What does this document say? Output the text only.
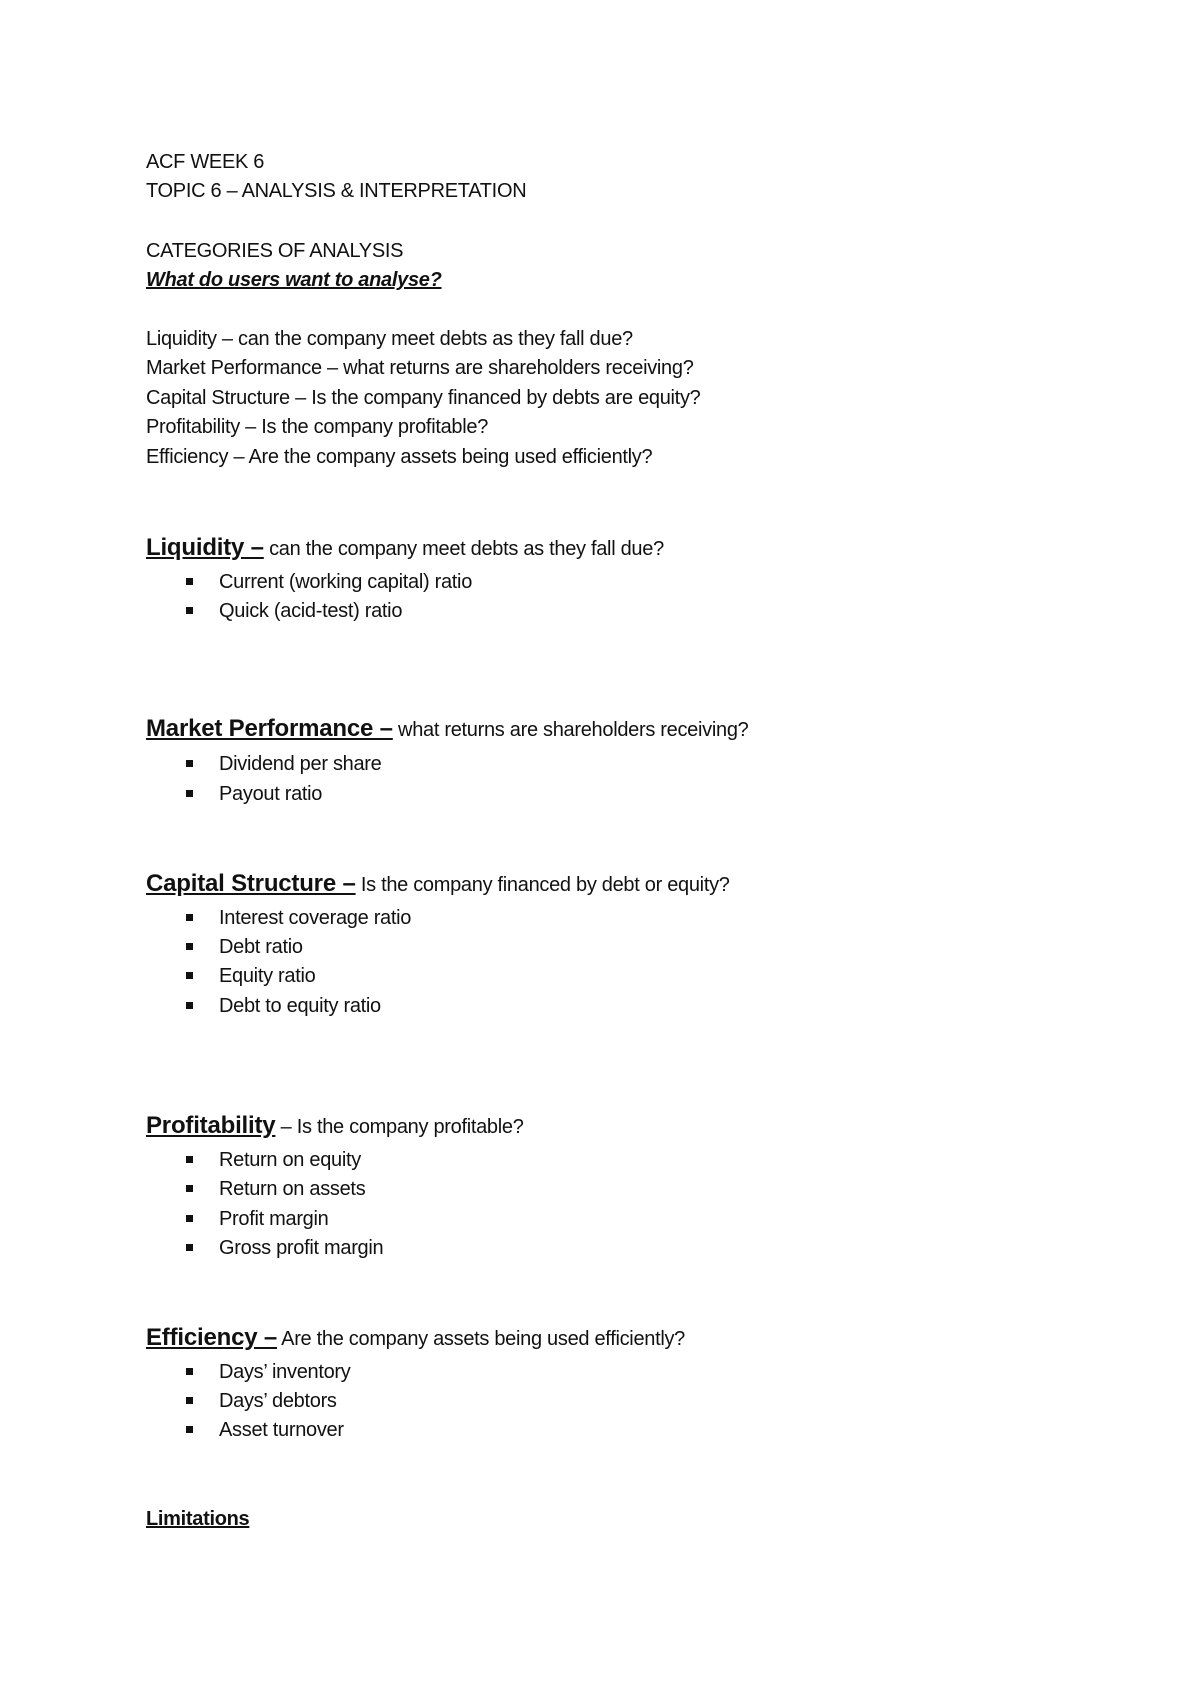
ACF WEEK 6
TOPIC 6 – ANALYSIS & INTERPRETATION
CATEGORIES OF ANALYSIS
What do users want to analyse?
Liquidity – can the company meet debts as they fall due?
Market Performance – what returns are shareholders receiving?
Capital Structure – Is the company financed by debts are equity?
Profitability – Is the company profitable?
Efficiency – Are the company assets being used efficiently?
Liquidity – can the company meet debts as they fall due?
Current (working capital) ratio
Quick (acid-test) ratio
Market Performance – what returns are shareholders receiving?
Dividend per share
Payout ratio
Capital Structure – Is the company financed by debt or equity?
Interest coverage ratio
Debt ratio
Equity ratio
Debt to equity ratio
Profitability – Is the company profitable?
Return on equity
Return on assets
Profit margin
Gross profit margin
Efficiency – Are the company assets being used efficiently?
Days’ inventory
Days’ debtors
Asset turnover
Limitations
